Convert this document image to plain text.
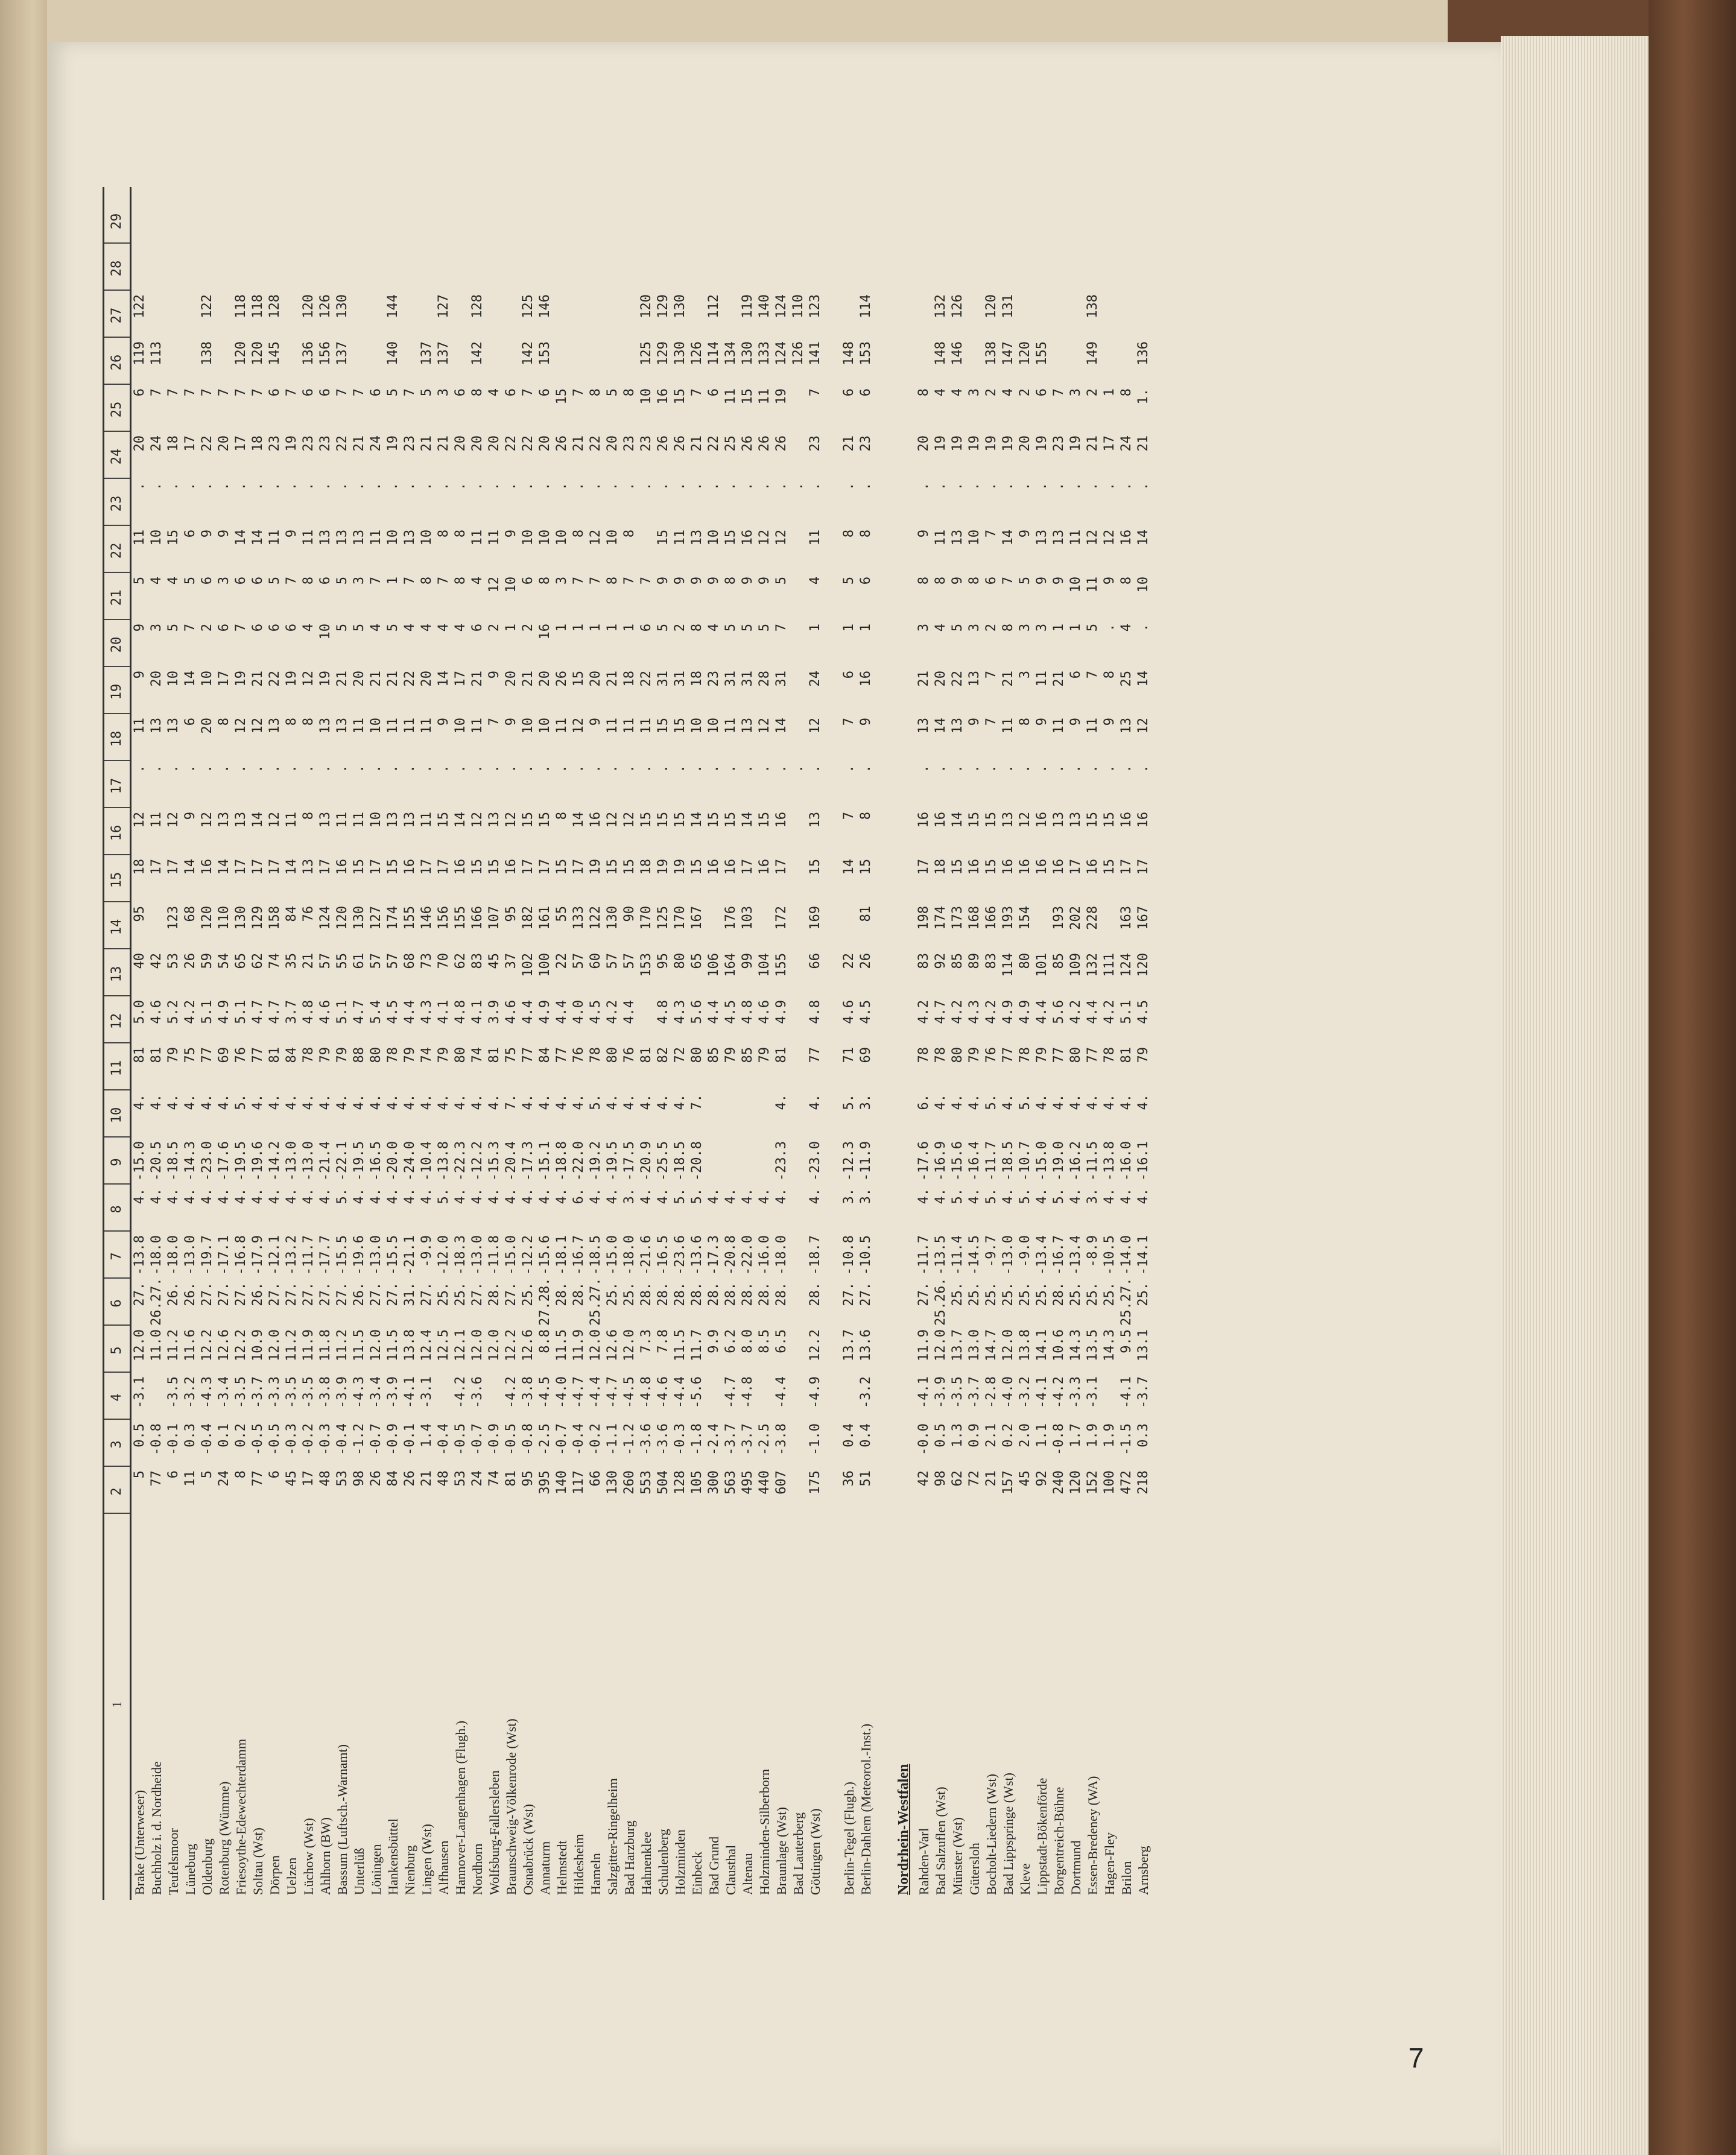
1
2
3
4
5
6
7
8
9
10
11
12
13
14
15
16
17
18
19
20
21
22
23
24
25
26
27
28
29
Brake (Unterweser)
5
0.5
-3.1
12.0
27.
-13.8
4.
-15.0
4.
81
5.0
40
95
18
12
.
11
9
9
5
11
.
20
6
119
122
Buchholz i. d. Nordheide
77
-0.8
11.0
26.27.
-18.0
4.
-20.5
4.
81
4.6
42
17
11
.
13
20
3
4
10
.
24
7
113
Teufelsmoor
6
-0.1
-3.5
11.2
26.
-18.0
4.
-18.5
4.
79
5.2
53
123
17
12
.
13
10
5
4
15
.
18
7
Lüneburg
11
0.3
-3.2
11.6
26.
-13.0
4.
-14.3
4.
75
4.2
26
68
14
9
.
6
14
7
5
6
.
17
7
Oldenburg
5
-0.4
-4.3
12.2
27.
-19.7
4.
-23.0
4.
77
5.1
59
120
16
12
.
20
10
2
6
9
.
22
7
138
122
Rotenburg (Wümme)
24
0.1
-3.4
12.6
27.
-17.1
4.
-17.6
4.
69
4.9
54
110
14
13
.
8
17
6
3
9
.
20
7
Friesoythe-Edewechterdamm
8
0.2
-3.5
12.2
27.
-16.8
4.
-19.5
5.
76
5.1
65
130
17
13
.
12
19
7
6
14
.
17
7
120
118
Soltau (Wst)
77
-0.5
-3.7
10.9
26.
-17.9
4.
-19.6
4.
77
4.7
62
129
17
14
.
12
21
6
6
14
.
18
7
120
118
Dörpen
6
-0.5
-3.3
12.0
27.
-12.1
4.
-14.2
4.
81
4.7
74
158
17
12
.
13
22
6
5
11
.
23
6
145
128
Uelzen
45
-0.3
-3.5
11.2
27.
-13.2
4.
-13.0
4.
84
3.7
35
84
14
11
.
8
19
6
7
9
.
19
7
Lüchow (Wst)
17
-0.2
-3.5
11.9
27.
-11.7
4.
-13.0
4.
78
4.8
21
76
13
8
.
8
12
4
8
11
.
23
6
136
120
Ahlhorn (BW)
48
-0.3
-3.8
11.8
27.
-17.7
4.
-21.4
4.
79
4.6
57
124
17
13
.
13
19
10
6
13
.
23
6
156
126
Bassum (Luftsch.-Warnamt)
53
-0.4
-3.9
11.2
27.
-15.5
5.
-22.1
4.
79
5.1
55
120
16
11
.
13
21
5
5
13
.
22
7
137
130
Unterlüß
98
-1.2
-4.3
11.5
26.
-19.6
4.
-19.5
4.
88
4.7
61
130
15
11
.
11
20
5
3
13
.
21
7
Löningen
26
-0.7
-3.4
12.0
27.
-13.0
4.
-16.5
4.
80
5.4
57
127
17
10
.
10
21
4
7
11
.
24
6
Hankensbüttel
84
-0.9
-3.9
11.5
27.
-15.5
4.
-20.0
4.
78
4.5
57
174
15
13
.
11
21
5
1
10
.
19
5
140
144
Nienburg
26
-0.1
-4.1
13.8
31.
-21.1
4.
-24.0
4.
79
4.4
68
155
16
13
.
11
22
4
7
13
.
23
7
Lingen (Wst)
21
1.4
-3.1
12.4
27.
-9.9
4.
-10.4
4.
74
4.3
73
146
17
11
.
11
20
4
8
10
.
21
5
137
Alfhausen
48
-0.4
12.5
25.
-12.0
5.
-13.8
4.
79
4.1
70
156
17
15
.
9
14
4
7
8
.
21
3
137
127
Hannover-Langenhagen (Flugh.)
53
-0.5
-4.2
12.1
25.
-18.3
4.
-22.3
4.
80
4.8
62
155
16
14
.
10
17
4
8
8
.
20
6
Nordhorn
24
-0.7
-3.6
12.0
27.
-13.0
4.
-12.2
4.
74
4.1
83
166
15
12
.
11
21
6
4
11
.
20
8
142
128
Wolfsburg-Fallersleben
74
-0.9
12.0
28.
-11.8
4.
-15.3
4.
81
3.9
45
107
15
13
.
7
9
2
12
11
.
20
4
Braunschweig-Völkenrode (Wst)
81
-0.5
-4.2
12.2
27.
-15.0
4.
-20.4
7.
75
4.6
37
95
16
12
.
9
20
1
10
9
.
22
6
Osnabrück (Wst)
95
-0.8
-3.8
12.6
25.
-12.2
4.
-17.3
4.
77
4.4
102
182
17
15
.
10
21
2
6
10
.
22
7
142
125
Annaturm
395
-2.5
-4.5
8.8
27.28.
-15.6
4.
-15.1
4.
84
4.9
100
161
17
15
.
10
20
16
8
10
.
20
6
153
146
Helmstedt
140
-0.7
-4.0
11.5
28.
-18.1
4.
-18.8
4.
77
4.4
22
55
15
8
.
11
26
1
3
10
.
26
15
Hildesheim
117
-0.4
-4.7
11.9
28.
-16.7
6.
-22.0
4.
76
4.0
57
133
17
14
.
12
15
1
7
8
.
21
7
Hameln
66
-0.2
-4.4
12.0
25.27.
-18.5
4.
-19.2
5.
78
4.5
60
122
19
16
.
9
20
1
7
12
.
22
8
Salzgitter-Ringelheim
130
-1.1
-4.7
12.6
25.
-15.0
4.
-19.5
4.
80
4.2
57
130
15
12
.
11
21
1
8
10
.
20
5
Bad Harzburg
260
-1.2
-4.5
12.0
25.
-18.0
3.
-17.5
4.
76
4.4
57
90
15
12
.
11
18
1
7
8
.
23
8
Hahnenklee
553
-3.6
-4.8
7.3
28.
-21.6
4.
-20.9
4.
81
153
170
18
15
.
11
22
6
7
.
23
10
125
120
Schulenberg
504
-3.6
-4.6
7.8
28.
-16.5
4.
-25.5
4.
82
4.8
95
125
19
15
.
15
31
5
9
15
.
26
16
129
129
Holzminden
128
-0.3
-4.4
11.5
28.
-23.6
5.
-18.5
4.
72
4.3
80
170
19
15
.
15
31
2
9
11
.
26
15
130
130
Einbeck
105
-1.8
-5.6
11.7
28.
-13.6
5.
-20.8
7.
80
5.6
65
167
15
14
.
10
18
8
9
13
.
21
7
126
Bad Grund
300
-2.4
9.9
28.
-17.3
4.
85
4.4
106
16
15
.
10
23
4
9
10
.
22
6
114
112
Clausthal
563
-3.7
-4.7
6.2
28.
-20.8
4.
79
4.5
164
176
16
15
.
11
31
5
8
15
.
25
11
134
Altenau
495
-3.7
-4.8
8.0
28.
-22.0
4.
85
4.8
99
103
17
14
.
13
31
5
9
16
.
26
15
130
119
Holzminden-Silberborn
440
-2.5
8.5
28.
-16.0
4.
79
4.6
104
16
15
.
12
28
5
9
12
.
26
11
133
140
Braunlage (Wst)
607
-3.8
-4.4
6.5
28.
-18.0
4.
-23.3
4.
81
4.9
155
172
17
16
.
14
31
7
5
12
.
26
19
124
124
Bad Lauterberg
.
.
126
110
Göttingen (Wst)
175
-1.0
-4.9
12.2
28.
-18.7
4.
-23.0
4.
77
4.8
66
169
15
13
.
12
24
1
4
11
.
23
7
141
123
Berlin-Tegel (Flugh.)
36
0.4
13.7
27.
-10.8
3.
-12.3
5.
71
4.6
22
14
7
.
7
6
1
5
8
.
21
6
148
Berlin-Dahlem (Meteorol.-Inst.)
51
0.4
-3.2
13.6
27.
-10.5
3.
-11.9
3.
69
4.5
26
81
15
8
.
9
16
1
6
8
.
23
6
153
114
Nordrhein-Westfalen Rahden-Varl
42
-0.0
-4.1
11.9
27.
-11.7
4.
-17.6
6.
78
4.2
83
198
17
16
.
13
21
3
8
9
.
20
8
Bad Salzuflen (Wst)
98
0.5
-3.9
12.0
25.26.
-13.5
4.
-16.9
4.
78
4.7
92
174
18
16
.
14
20
4
8
11
.
19
4
148
132
Münster (Wst)
62
1.3
-3.5
13.7
25.
-11.4
5.
-15.6
4.
80
4.2
85
173
15
14
.
13
22
5
9
13
.
19
4
146
126
Gütersloh
72
0.9
-3.7
13.0
25.
-14.5
4.
-16.4
4.
79
4.3
89
168
16
15
.
9
13
3
8
10
.
19
3
Bocholt-Liedern (Wst)
21
2.1
-2.8
14.7
25.
-9.7
5.
-11.7
5.
76
4.2
83
166
15
15
.
7
7
2
6
7
.
19
2
138
120
Bad Lippspringe (Wst)
157
0.2
-4.0
12.0
25.
-13.0
4.
-18.5
4.
77
4.9
114
193
16
13
.
11
21
8
7
14
.
19
4
147
131
Kleve
45
2.0
-3.2
13.8
25.
-9.0
5.
-10.7
5.
78
4.9
80
154
16
12
.
8
3
3
5
9
.
20
2
120
Lippstadt-Bökenförde
92
1.1
-4.1
14.1
25.
-13.4
4.
-15.0
4.
79
4.4
101
16
16
.
9
11
3
9
13
.
19
6
155
Borgentreich-Bühne
240
-0.8
-4.2
10.6
28.
-16.7
5.
-19.0
4.
77
5.6
85
193
16
13
.
11
21
1
9
13
.
23
7
Dortmund
120
1.7
-3.3
14.3
25.
-13.4
4.
-16.2
4.
80
4.2
109
202
17
13
.
9
6
1
10
11
.
19
3
Essen-Bredeney (WA)
152
1.9
-3.1
13.5
25.
-8.9
3.
-11.5
4.
77
4.4
132
228
16
15
.
11
7
5
11
12
.
21
2
149
138
Hagen-Fley
100
1.9
14.3
25.
-10.5
4.
-13.8
4.
78
4.2
111
15
15
.
9
8
.
9
12
.
17
1
Brilon
472
-1.5
-4.1
9.5
25.27.
-14.0
4.
-16.0
4.
81
5.1
124
163
17
16
.
13
25
4
8
16
.
24
8
Arnsberg
218
0.3
-3.7
13.1
25.
-14.1
4.
-16.1
4.
79
4.5
120
167
17
16
.
12
14
.
10
14
.
21
1.
136
7
